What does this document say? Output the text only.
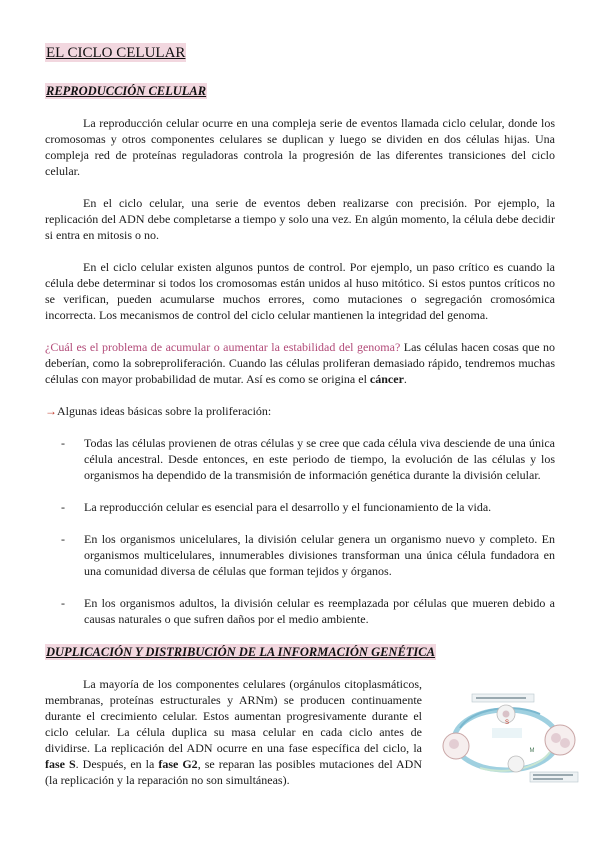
EL CICLO CELULAR
REPRODUCCIÓN CELULAR

La reproducción celular ocurre en una compleja serie de eventos llamada ciclo celular, donde los cromosomas y otros componentes celulares se duplican y luego se dividen en dos células hijas. Una compleja red de proteínas reguladoras controla la progresión de las diferentes transiciones del ciclo celular.

En el ciclo celular, una serie de eventos deben realizarse con precisión. Por ejemplo, la replicación del ADN debe completarse a tiempo y solo una vez. En algún momento, la célula debe decidir si entra en mitosis o no.

En el ciclo celular existen algunos puntos de control. Por ejemplo, un paso crítico es cuando la célula debe determinar si todos los cromosomas están unidos al huso mitótico. Si estos puntos críticos no se verifican, pueden acumularse muchos errores, como mutaciones o segregación cromosómica incorrecta. Los mecanismos de control del ciclo celular mantienen la integridad del genoma.

¿Cuál es el problema de acumular o aumentar la estabilidad del genoma? Las células hacen cosas que no deberían, como la sobreproliferación. Cuando las células proliferan demasiado rápido, tendremos muchas células con mayor probabilidad de mutar. Así es como se origina el cáncer.

→Algunas ideas básicas sobre la proliferación:

- Todas las células provienen de otras células y se cree que cada célula viva desciende de una única célula ancestral. Desde entonces, en este periodo de tiempo, la evolución de las células y los organismos ha dependido de la transmisión de información genética durante la división celular.
- La reproducción celular es esencial para el desarrollo y el funcionamiento de la vida.
- En los organismos unicelulares, la división celular genera un organismo nuevo y completo. En organismos multicelulares, innumerables divisiones transforman una única célula fundadora en una comunidad diversa de células que forman tejidos y órganos.
- En los organismos adultos, la división celular es reemplazada por células que mueren debido a causas naturales o que sufren daños por el medio ambiente.
DUPLICACIÓN Y DISTRIBUCIÓN DE LA INFORMACIÓN GENÉTICA

La mayoría de los componentes celulares (orgánulos citoplasmáticos, membranas, proteínas estructurales y ARNm) se producen continuamente durante el crecimiento celular. Estos aumentan progresivamente durante el ciclo celular. La célula duplica su masa celular en cada ciclo antes de dividirse. La replicación del ADN ocurre en una fase específica del ciclo, la fase S. Después, en la fase G2, se reparan las posibles mutaciones del ADN (la replicación y la reparación no son simultáneas).

S
M
